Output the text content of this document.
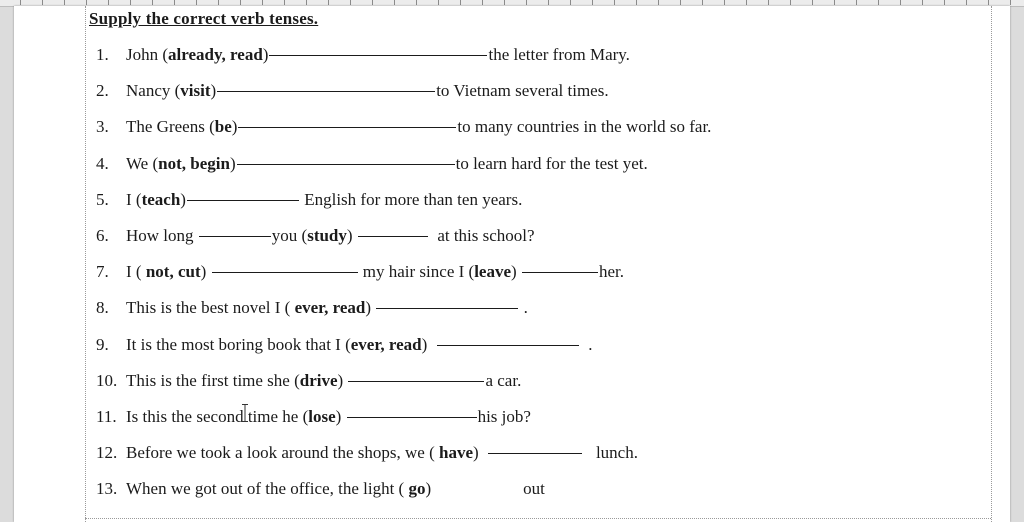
Supply the correct verb tenses.
1. John (already, read)	the letter from Mary.
2. Nancy (visit)	to Vietnam several times.
3. The Greens (be)	to many countries in the world so far.
4. We (not, begin)	to learn hard for the test yet.
5. I (teach)	English for more than ten years.
6. How long	you (study)	at this school?
7. I ( not, cut)	my hair since I (leave)	her.
8. This is the best novel I ( ever, read)	.
9. It is the most boring book that I (ever, read)	.
10. This is the first time she (drive)	a car.
11. Is this the second time he (lose)	his job?
12. Before we took a look around the shops, we ( have)	lunch.
13. When we got out of the office, the light ( go)	out
